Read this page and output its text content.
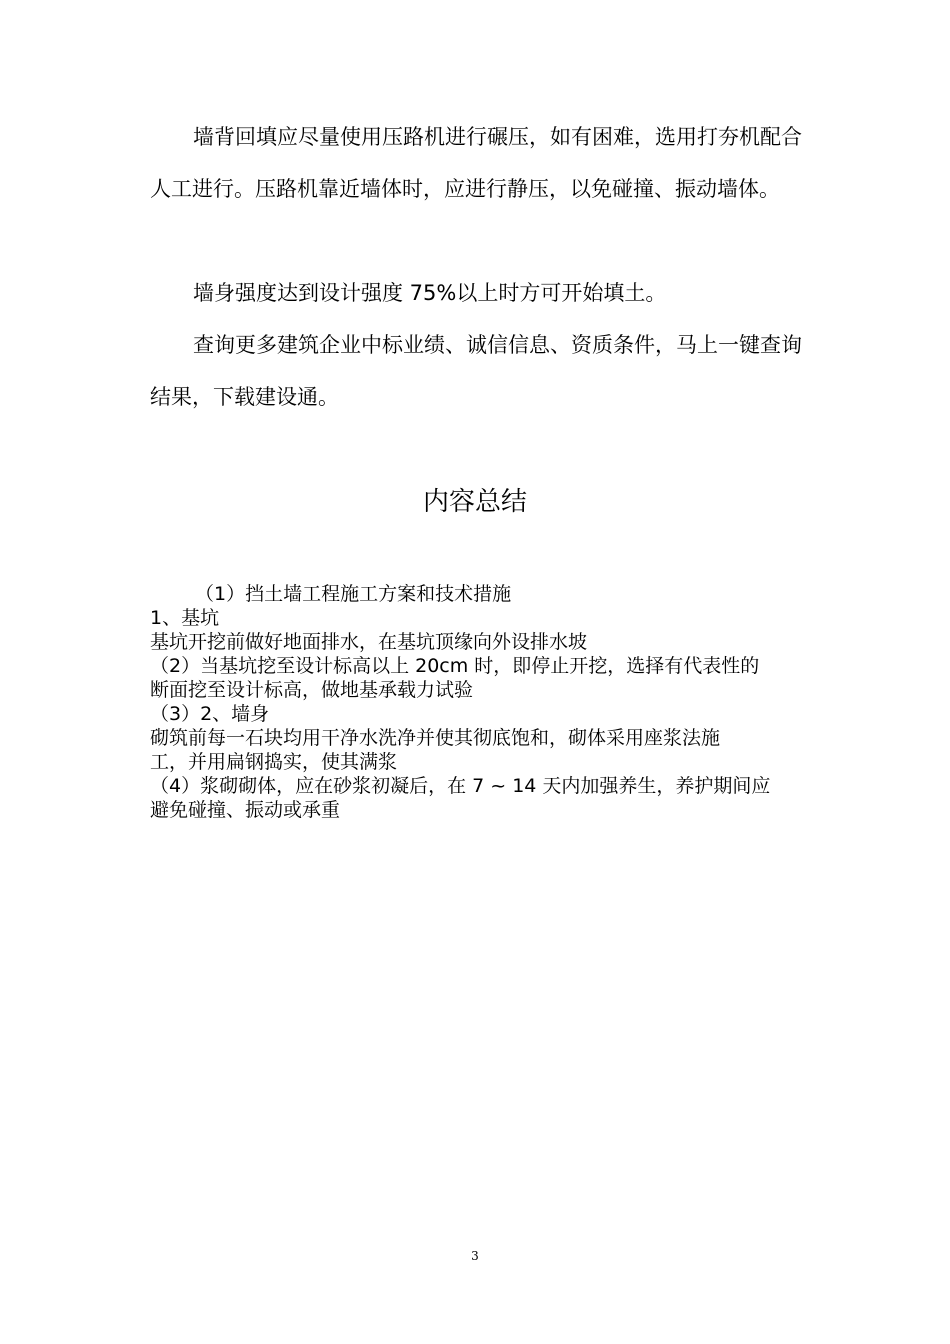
墙背回填应尽量使用压路机进行碾压，如有困难，选用打夯机配合人工进行。压路机靠近墙体时，应进行静压，以免碰撞、振动墙体。

墙身强度达到设计强度 75%以上时方可开始填土。

查询更多建筑企业中标业绩、诚信信息、资质条件，马上一键查询结果，下载建设通。

内容总结
（1）挡土墙工程施工方案和技术措施
1、基坑
基坑开挖前做好地面排水，在基坑顶缘向外设排水坡
（2）当基坑挖至设计标高以上 20cm 时，即停止开挖，选择有代表性的
断面挖至设计标高，做地基承载力试验
（3）2、墙身
砌筑前每一石块均用干净水洗净并使其彻底饱和，砌体采用座浆法施
工，并用扁钢捣实，使其满浆
（4）浆砌砌体，应在砂浆初凝后，在 7 ~ 14 天内加强养生，养护期间应
避免碰撞、振动或承重
3
